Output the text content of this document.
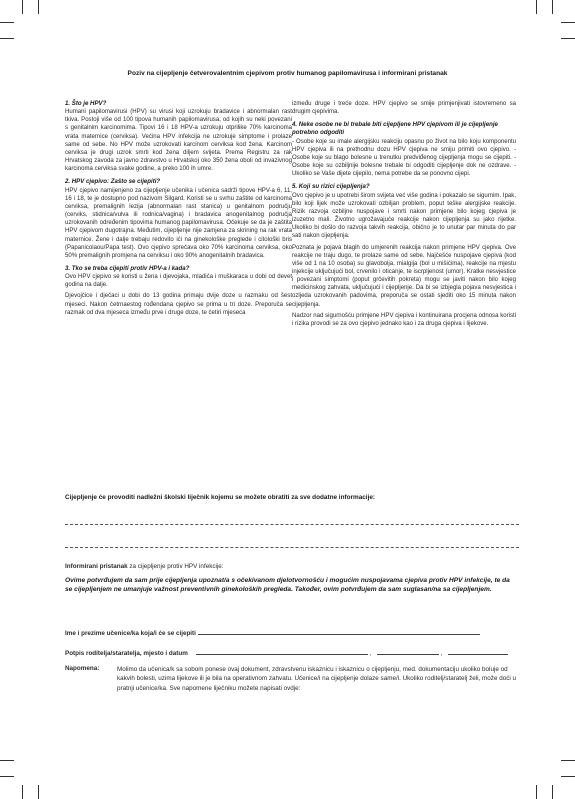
Poziv na cijepljenje četverovalentnim cjepivom protiv humanog papilomavirusa i informirani pristanak
1. Što je HPV?

Humani papilomavirusi (HPV) su virusi koji uzrokuju bradavice i abnormalan rast tkiva. Postoji više od 100 tipova humanih papilomavirusa, od kojih su neki povezani s genitalnim karcinomima. Tipovi 16 i 18 HPV-a uzrokuju otprilike 70% karcinoma vrata maternice (cerviksa). Većina HPV infekcija ne uzrokuje simptome i prolaze same od sebe. No HPV može uzrokovati karcinom cerviksa kod žena. Karcinom cerviksa je drugi uzrok smrti kod žena diljem svijeta. Prema Registru za rak Hrvatskog zavoda za javno zdravstvo u Hrvatskoj oko 350 žena oboli od invazivnog karcinoma cerviksa svake godine, a preko 100 ih umre.

2. HPV cjepivo: Zašto se cijepiti?

HPV cjepivo namijenjeno za cijepljenje učenika i učenica sadrži tipove HPV-a 6, 11, 16 i 18, te je dostupno pod nazivom Silgard. Koristi se u svrhu zaštite od karcinoma cerviksa, premalignih lezija (abnormalan rast stanica) u genitalnom području (cerviks, stidnica/vulva ili rodnica/vagina) i bradavica anogenitalnog područja uzrokovanih određenim tipovima humanog papilomavirusa. Očekuje se da je zaštita HPV cjepivom dugotrajna. Međutim, cijepljenje nije zamjena za skrining na rak vrata maternice. Žene i dalje trebaju redovito ići na ginekološke preglede i citološki bris (Papanicolaou/Papa test). Ovo cjepivo sprečava oko 70% karcinoma cerviksa, oko 50% premalignih promjena na cerviksu i oko 90% anogenitalnih bradavica.

3. Tko se treba cijepiti protiv HPV-a i kada?

Ovo HPV cjepivo se koristi u žena i djevojaka, mladića i muškaraca u dobi od devet godina na dalje.

Djevojčice i dječaci u dobi do 13 godina primaju dvije doze u razmaku od šest mjeseci. Nakon četrnaestog rođendana cjepivo se prima u tri doze. Preporuča se razmak od dva mjeseca između prve i druge doze, te četiri mjeseca

između druge i treće doze. HPV cjepivo se smije primjenjivati istovremeno sa drugim cjepivima.

4. Neke osobe ne bi trebale biti cijepljene HPV cjepivom ili je cijepljenje potrebno odgoditi

- Osobe koje su imale alergijsku reakciju opasnu po život na bilo koju komponentu HPV cjepiva ili na prethodnu dozu HPV cjepiva ne smiju primiti ovo cjepivo. - Osobe koje su blago bolesne u trenutku predviđenog cijepljenja mogu se cijepiti. - Osobe koje su ozbiljnije bolesne trebale bi odgoditi cijepljenje dok ne ozdrave. - Ukoliko se Vaše dijete cijepilo, nema potrebe da se ponovno cijepi.

5. Koji su rizici cijepljenja?

Ovo cjepivo je u upotrebi širom svijeta već više godina i pokazalo se sigurnim. Ipak, bilo koji lijek može uzrokovati ozbiljan problem, poput teške alergijske reakcije. Rizik razvoja ozbiljne nuspojave i smrti nakon primjene bilo kojeg cjepiva je izuzetno mali. Životno ugrožavajuće reakcije nakon cijepljenja su jako rijetke. Ukoliko bi došlo do razvoja takvih reakcija, obično je to unutar par minuta do par sati nakon cijepljenja.

Poznata je pojava blagih do umjerenih reakcija nakon primjene HPV cjepiva. Ove reakcije ne traju dugo, te prolaze same od sebe. Najčešće nuspojave cjepiva (kod više od 1 na 10 osoba) su glavobolja, mialgija (bol u mišićima), reakcije na mjestu injekcije uključujući bol, crvenilo i oticanje, te iscrpljenost (umor). Kratke nesvjestice i povezani simptomi (poput grčevitih pokreta) mogu se javiti nakon bilo kojeg medicinskog zahvata, uključujući i cijepljenje. Da bi se izbjegla pojava nesvjestica i ozljeda uzrokovanih padovima, preporuča se ostati sjediti oko 15 minuta nakon cijepljenja.

Nadzor nad sigurnošću primjene HPV cjepiva i kontinuirana procjena odnosa koristi i rizika provodi se za ovo cjepivo jednako kao i za druga cjepiva i lijekove.

Cijepljenje će provoditi nadležni školski liječnik kojemu se možete obratiti za sve dodatne informacije:
Informirani pristanak za cijepljenje protiv HPV infekcije:
Ovime potvrđujem da sam prije cijepljenja upoznat/a s očekivanom djelotvornošću i mogućim nuspojavama cjepiva protiv HPV infekcije, te da se cijepljenjem ne umanjuje važnost preventivnih ginekoloških pregleda. Također, ovim potvrđujem da sam suglasan/na sa cijepljenjem.
Ime i prezime učenice/ka koja/i će se cijepiti
Potpis roditelja/staratelja, mjesto i datum	,	,
Napomena:	Molimo da učenica/k sa sobom ponese ovaj dokument, zdravstvenu iskaznicu i iskaznicu o cijepljenju, med. dokumentaciju ukoliko boluje od kakvih bolesti, uzima lijekove ili je bila na operativnom zahvatu. Učenice/i na cijepljenje dolaze same/i. Ukoliko roditelj/staratelj želi, može doći u pratnji učenice/ka. Sve napomene liječniku možete napisati ovdje:
